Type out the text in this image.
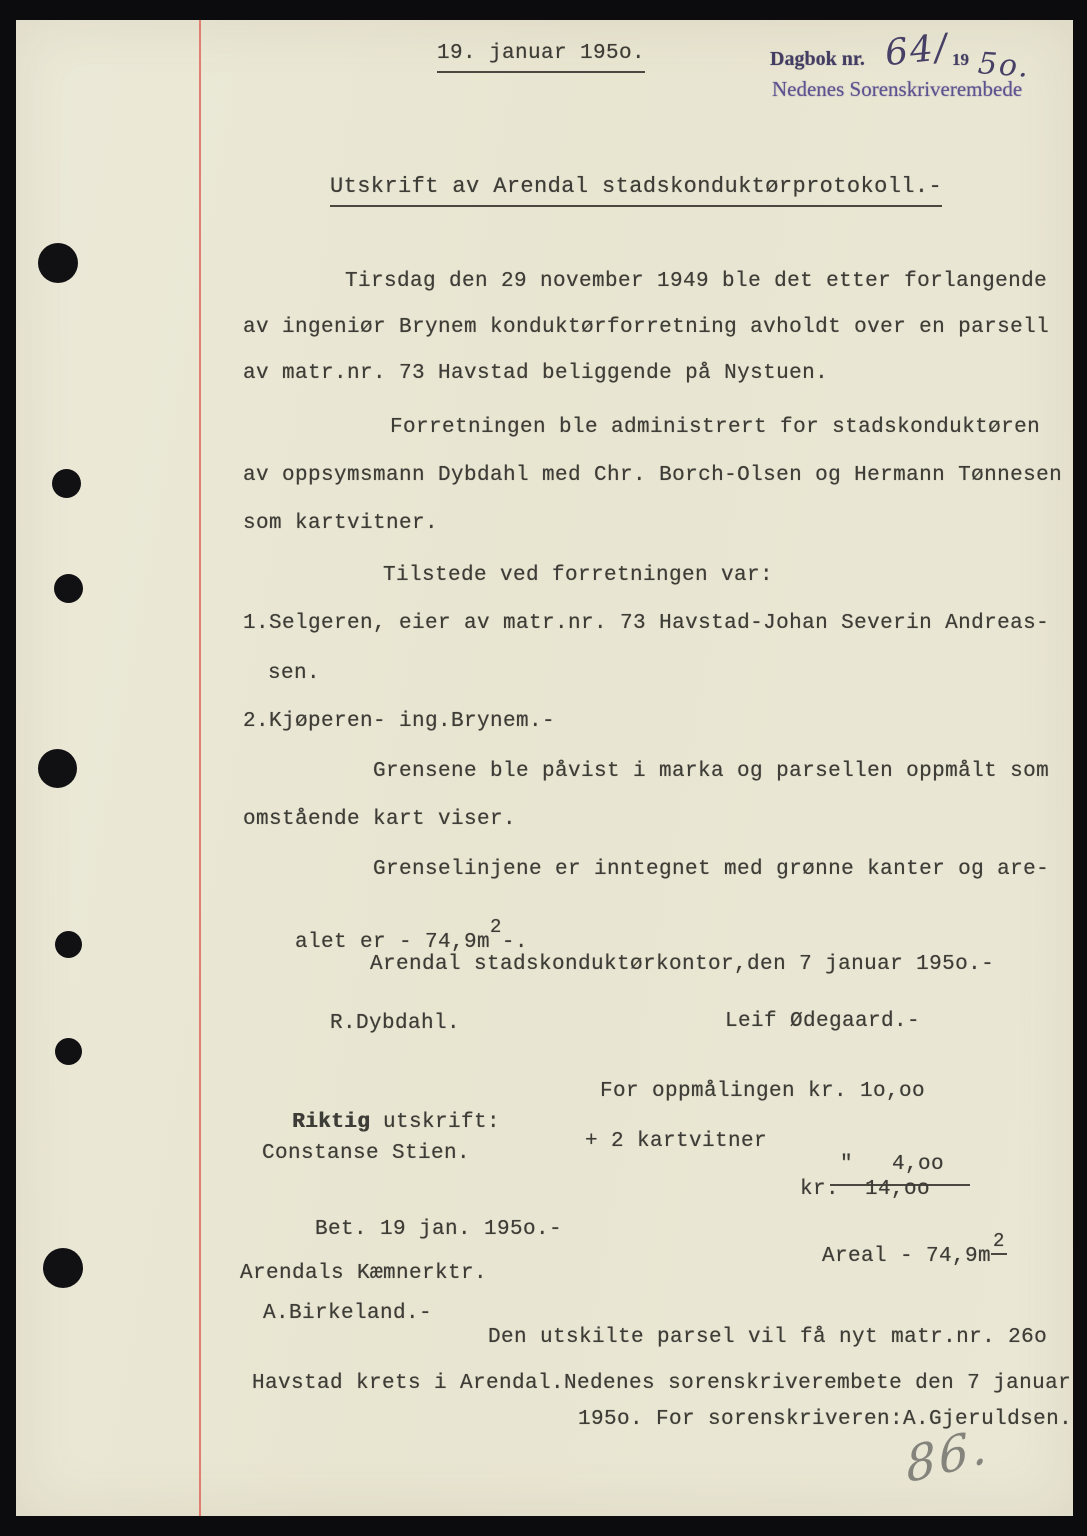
19. januar 195o.	Dagbok nr. 64/ 19 5o.
Nedenes Sorenskriverembede
Utskrift av Arendal stadskonduktørprotokoll.-
Tirsdag den 29 november 1949 ble det etter forlangende
av ingeniør Brynem konduktørforretning avholdt over en parsell
av matr.nr. 73 Havstad beliggende på Nystuen.
Forretningen ble administrert for stadskonduktøren
av oppsymsmann Dybdahl med Chr. Borch-Olsen og Hermann Tønnesen
som kartvitner.
Tilstede ved forretningen var:
1.Selgeren, eier av matr.nr. 73 Havstad-Johan Severin Andreas-
sen.
2.Kjøperen- ing.Brynem.-
Grensene ble påvist i marka og parsellen oppmålt som
omstående kart viser.
Grenselinjene er inntegnet med grønne kanter og are-

alet er - 74,9m2-.

Arendal stadskonduktørkontor,den 7 januar 195o.-
R.Dybdahl.	Leif Ødegaard.-

Riktig utskrift:

Constanse Stien.
For oppmålingen kr. 1o,oo
+ 2 kartvitner

"   4,oo

kr.  14,oo
Bet. 19 jan. 195o.-

Areal - 74,9m2

Arendals Kæmnerktr.
A.Birkeland.-
Den utskilte parsel vil få nyt matr.nr. 26o
Havstad krets i Arendal.Nedenes sorenskriverembete den 7 januar
195o. For sorenskriveren:A.Gjeruldsen.
86.
